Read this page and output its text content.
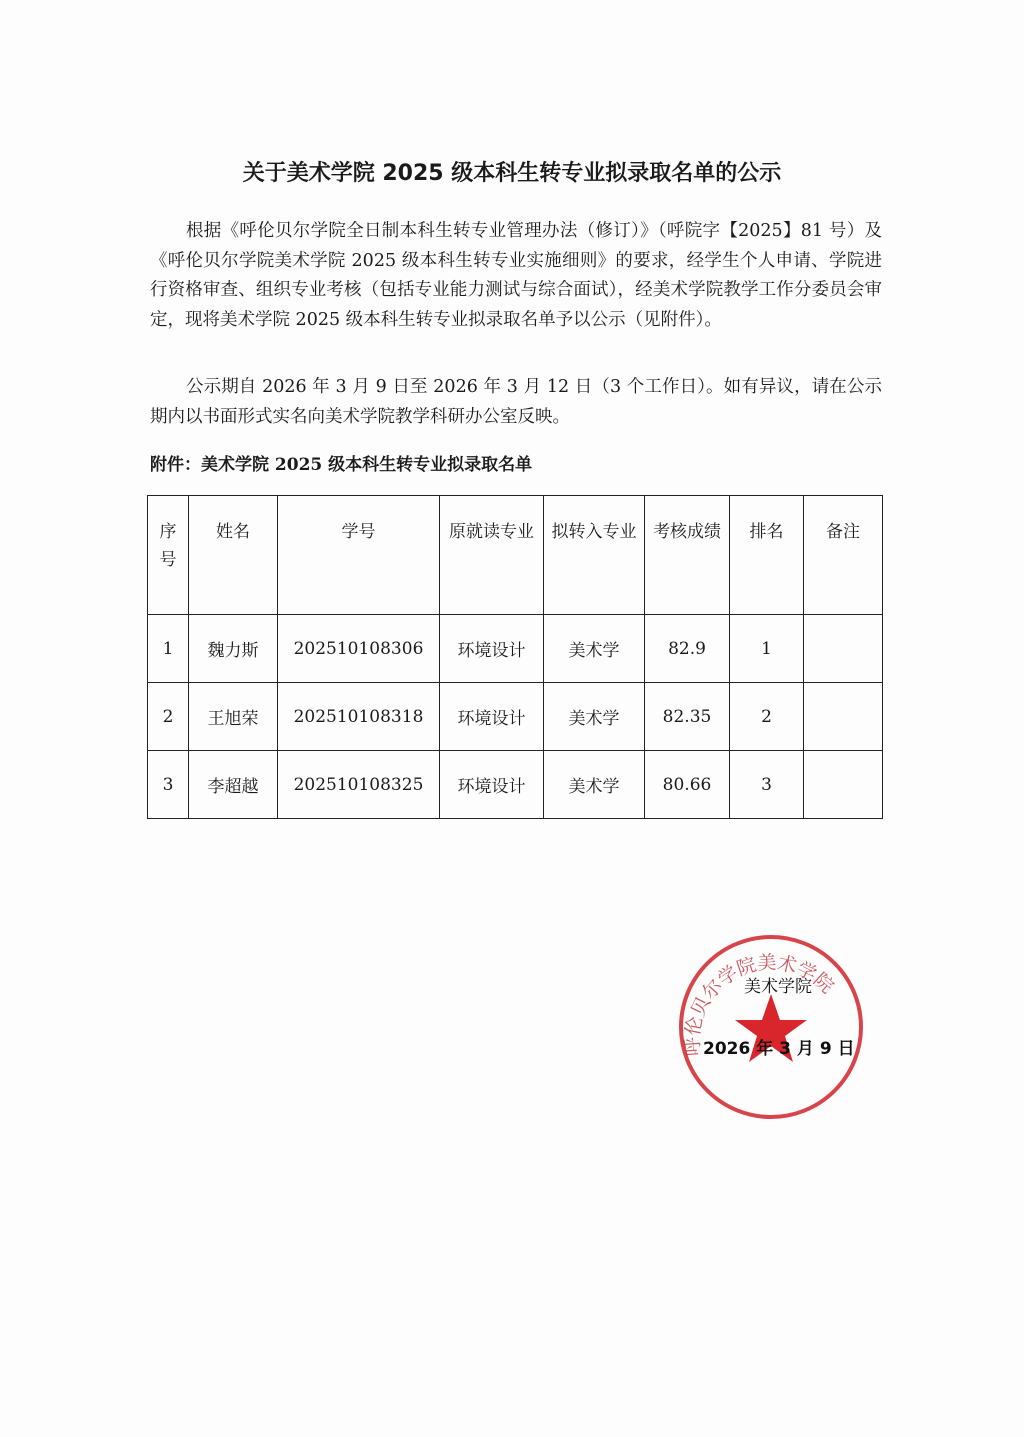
关于美术学院 2025 级本科生转专业拟录取名单的公示

根据《呼伦贝尔学院全日制本科生转专业管理办法（修订）》（呼院字【2025】81 号）及《呼伦贝尔学院美术学院 2025 级本科生转专业实施细则》的要求，经学生个人申请、学院进行资格审查、组织专业考核（包括专业能力测试与综合面试），经美术学院教学工作分委员会审定，现将美术学院 2025 级本科生转专业拟录取名单予以公示（见附件）。

公示期自 2026 年 3 月 9 日至 2026 年 3 月 12 日（3 个工作日）。如有异议，请在公示期内以书面形式实名向美术学院教学科研办公室反映。

附件：美术学院 2025 级本科生转专业拟录取名单
序号	姓名	学号	原就读专业	拟转入专业	考核成绩	排名	备注
1	魏力斯	202510108306	环境设计	美术学	82.9	1	
2	王旭荣	202510108318	环境设计	美术学	82.35	2	
3	李超越	202510108325	环境设计	美术学	80.66	3	
呼伦贝尔学院美术学院
美术学院
2026 年 3 月 9 日
